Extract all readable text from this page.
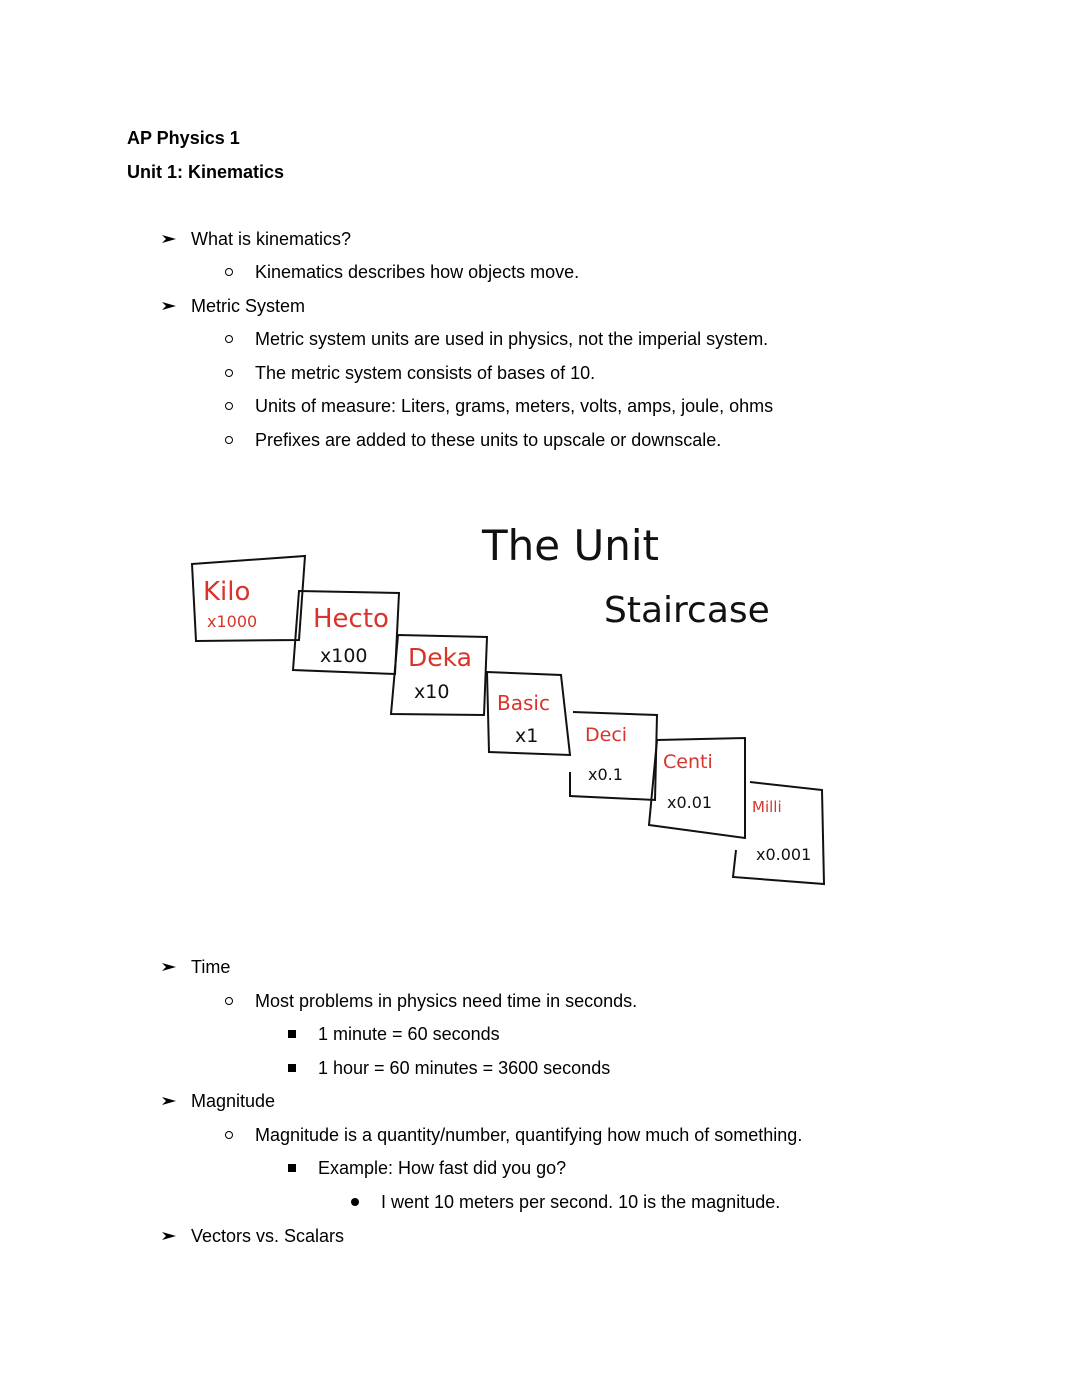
AP Physics 1
Unit 1: Kinematics
What is kinematics?
Kinematics describes how objects move.
Metric System
Metric system units are used in physics, not the imperial system.
The metric system consists of bases of 10.
Units of measure: Liters, grams, meters, volts, amps, joule, ohms
Prefixes are added to these units to upscale or downscale.
The Unit
Staircase
Kilo
x1000 Hecto
x100 Deka
x10 Basic
x1 Deci
x0.1
Centi
x0.01	Milli
x0.001
Time
Most problems in physics need time in seconds.
1 minute = 60 seconds
1 hour = 60 minutes = 3600 seconds
Magnitude
Magnitude is a quantity/number, quantifying how much of something.
Example: How fast did you go?
I went 10 meters per second. 10 is the magnitude.
Vectors vs. Scalars
